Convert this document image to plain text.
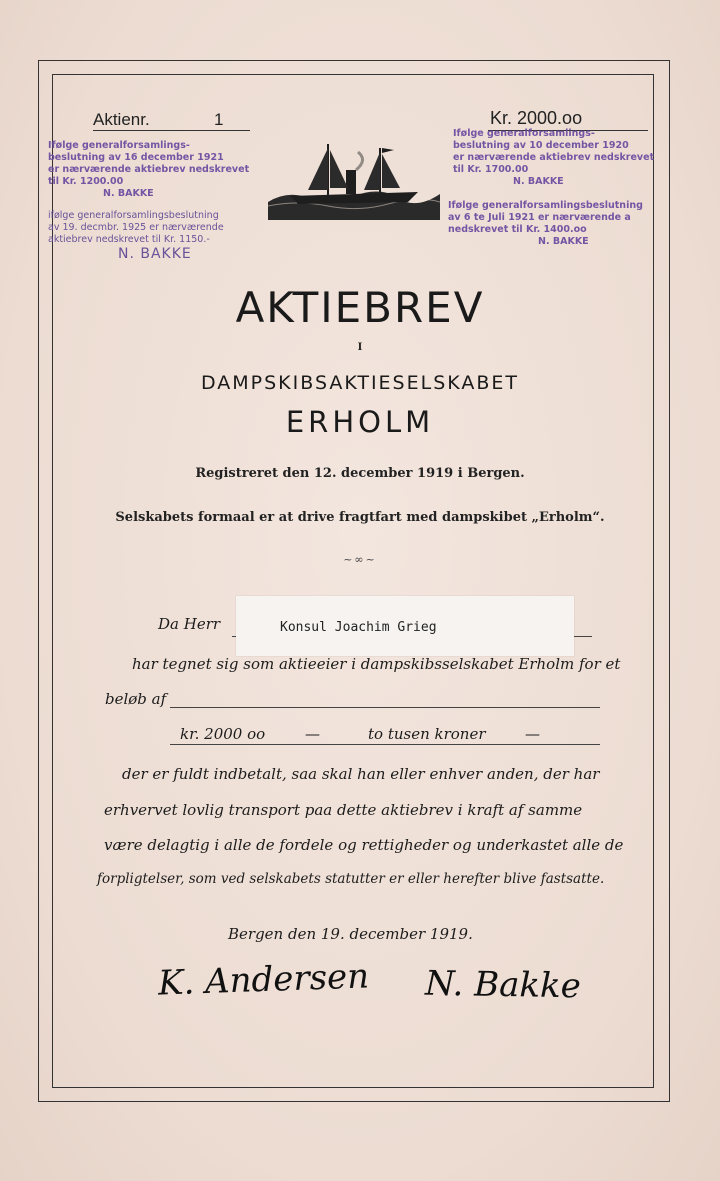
Aktienr.	1	Kr. 2000.oo
Ifølge generalforsamlings-
beslutning av 16 december 1921
er nærværende aktiebrev nedskrevet
til Kr. 1200.00
N. BAKKE
ifølge generalforsamlingsbeslutning
av 19. decmbr. 1925 er nærværende
aktiebrev nedskrevet til Kr. 1150.-
N. BAKKE
Ifølge generalforsamlings-
beslutning av 10 december 1920
er nærværende aktiebrev nedskrevet
til Kr. 1700.00
N. BAKKE
Ifølge generalforsamlingsbeslutning
av 6 te Juli 1921 er nærværende a
nedskrevet til Kr. 1400.oo
N. BAKKE
AKTIEBREV
I
DAMPSKIBSAKTIESELSKABET
ERHOLM
Registreret den 12. december 1919 i Bergen.
Selskabets formaal er at drive fragtfart med dampskibet „Erholm“.
~∞~
Da Herr	Konsul Joachim Grieg
har tegnet sig som aktieeier i dampskibsselskabet Erholm for et
beløb af
kr. 2000 oo	—	to tusen kroner	—
der er fuldt indbetalt, saa skal han eller enhver anden, der har
erhvervet lovlig transport paa dette aktiebrev i kraft af samme
være delagtig i alle de fordele og rettigheder og underkastet alle de
forpligtelser, som ved selskabets statutter er eller herefter blive fastsatte.
Bergen den 19. december 1919.
K. Andersen N. Bakke
